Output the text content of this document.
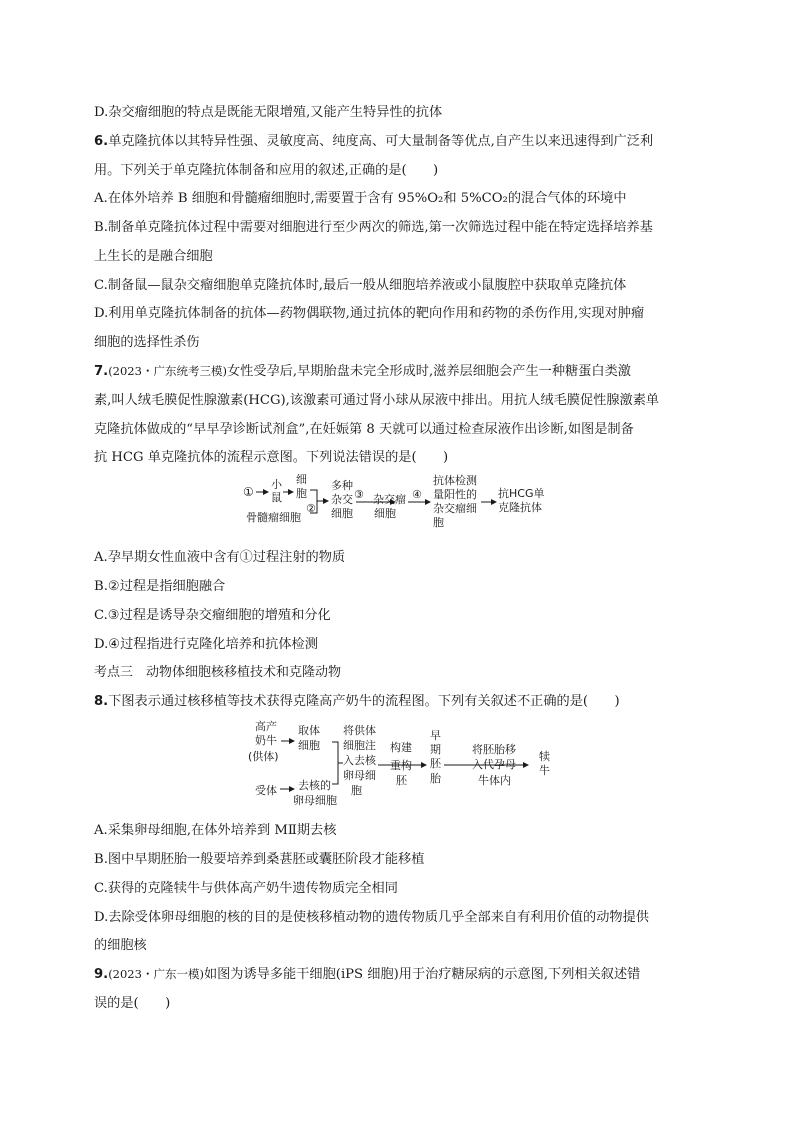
D.杂交瘤细胞的特点是既能无限增殖,又能产生特异性的抗体
6.单克隆抗体以其特异性强、灵敏度高、纯度高、可大量制备等优点,自产生以来迅速得到广泛利
用。下列关于单克隆抗体制备和应用的叙述,正确的是(　　)
A.在体外培养 B 细胞和骨髓瘤细胞时,需要置于含有 95%O₂和 5%CO₂的混合气体的环境中
B.制备单克隆抗体过程中需要对细胞进行至少两次的筛选,第一次筛选过程中能在特定选择培养基
上生长的是融合细胞
C.制备鼠—鼠杂交瘤细胞单克隆抗体时,最后一般从细胞培养液或小鼠腹腔中获取单克隆抗体
D.利用单克隆抗体制备的抗体—药物偶联物,通过抗体的靶向作用和药物的杀伤作用,实现对肿瘤
细胞的选择性杀伤
7.(2023・广东统考三模)女性受孕后,早期胎盘未完全形成时,滋养层细胞会产生一种糖蛋白类激
素,叫人绒毛膜促性腺激素(HCG),该激素可通过肾小球从尿液中排出。用抗人绒毛膜促性腺激素单
克隆抗体做成的“早早孕诊断试剂盒”,在妊娠第 8 天就可以通过检查尿液作出诊断,如图是制备
抗 HCG 单克隆抗体的流程示意图。下列说法错误的是(　　)
①
小
鼠
细
胞
骨髓瘤细胞
②
多种
杂交
细胞
③ 杂交瘤
细胞
④
抗体检测
量阳性的
杂交瘤细
胞
抗HCG单
克隆抗体
A.孕早期女性血液中含有①过程注射的物质
B.②过程是指细胞融合
C.③过程是诱导杂交瘤细胞的增殖和分化
D.④过程指进行克隆化培养和抗体检测
考点三　动物体细胞核移植技术和克隆动物
8.下图表示通过核移植等技术获得克隆高产奶牛的流程图。下列有关叙述不正确的是(　　)
高产
奶牛
(供体)
取体
细胞
受体 去核的
卵母细胞
将供体
细胞注
入去核
卵母细
胞
构建
重构
胚
早
期
胚
胎
将胚胎移
入代孕母
牛体内
犊
牛
A.采集卵母细胞,在体外培养到 MⅡ期去核
B.图中早期胚胎一般要培养到桑葚胚或囊胚阶段才能移植
C.获得的克隆犊牛与供体高产奶牛遗传物质完全相同
D.去除受体卵母细胞的核的目的是使核移植动物的遗传物质几乎全部来自有利用价值的动物提供
的细胞核
9.(2023・广东一模)如图为诱导多能干细胞(iPS 细胞)用于治疗糖尿病的示意图,下列相关叙述错
误的是(　　)
